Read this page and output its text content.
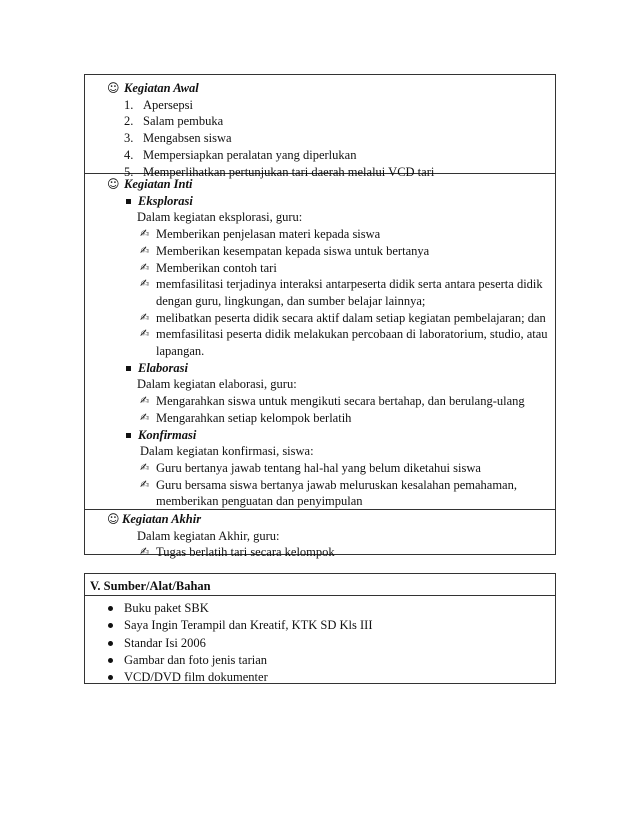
☺ Kegiatan Awal
1. Apersepsi
2. Salam pembuka
3. Mengabsen siswa
4. Mempersiapkan peralatan yang diperlukan
5. Memperlihatkan pertunjukan tari daerah melalui VCD tari
☺ Kegiatan Inti
Eksplorasi
Dalam kegiatan eksplorasi, guru:
✍ Memberikan penjelasan materi kepada siswa
✍ Memberikan kesempatan kepada siswa untuk bertanya
✍ Memberikan contoh tari
✍ memfasilitasi terjadinya interaksi antarpeserta didik serta antara peserta didik
dengan guru, lingkungan, dan sumber belajar lainnya;
✍ melibatkan peserta didik secara aktif dalam setiap kegiatan pembelajaran; dan
✍ memfasilitasi peserta didik melakukan percobaan di laboratorium, studio, atau
lapangan.
Elaborasi
Dalam kegiatan elaborasi, guru:
✍ Mengarahkan siswa untuk mengikuti secara bertahap, dan berulang-ulang
✍ Mengarahkan setiap kelompok berlatih
Konfirmasi
Dalam kegiatan konfirmasi, siswa:
✍ Guru bertanya jawab tentang hal-hal yang belum diketahui siswa
✍ Guru bersama siswa bertanya jawab meluruskan kesalahan pemahaman,
memberikan penguatan dan penyimpulan
☺ Kegiatan Akhir
Dalam kegiatan Akhir, guru:
✍ Tugas berlatih tari secara kelompok
V. Sumber/Alat/Bahan
Buku paket SBK
Saya Ingin Terampil dan Kreatif, KTK SD Kls III
Standar Isi 2006
Gambar dan foto jenis tarian
VCD/DVD film dokumenter
